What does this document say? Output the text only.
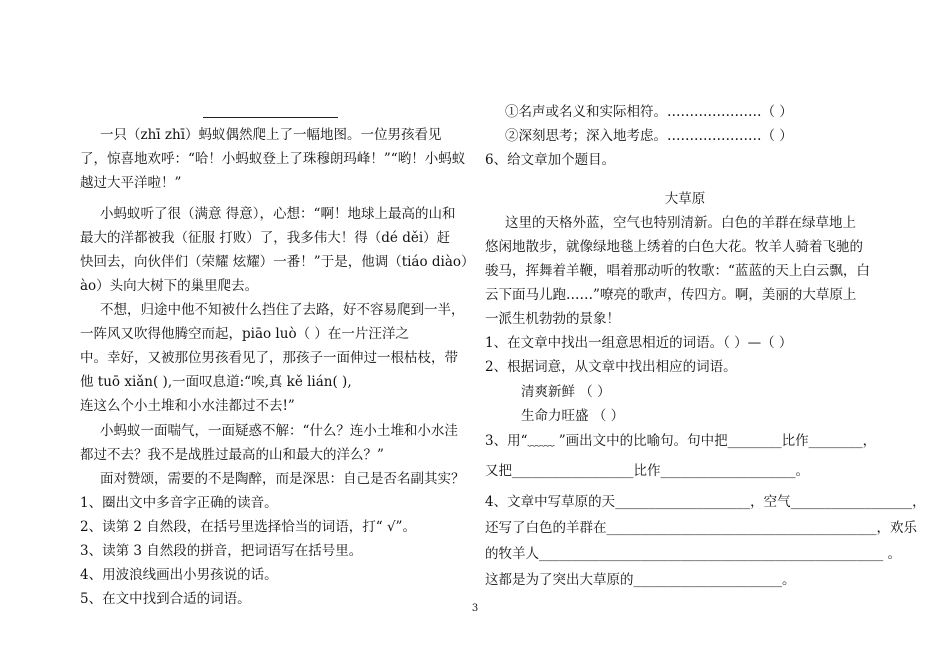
一只（zhī zhī）蚂蚁偶然爬上了一幅地图。一位男孩看见
了，惊喜地欢呼：“哈！小蚂蚁登上了珠穆朗玛峰！”“哟！小蚂蚁
越过大平洋啦！”
小蚂蚁听了很（满意 得意），心想：“啊！地球上最高的山和
最大的洋都被我（征服 打败）了，我多伟大！得（dé děi）赶
快回去，向伙伴们（荣耀 炫耀）一番！”于是，他调（tiáo diào）
ào）头向大树下的巢里爬去。
不想，归途中他不知被什么挡住了去路，好不容易爬到一半，
一阵风又吹得他腾空而起，piāo luò（ ）在一片汪洋之
中。幸好，又被那位男孩看见了，那孩子一面伸过一根枯枝，带
他 tuō xiǎn( ),一面叹息道:“唉,真 kě lián( ),
连这么个小土堆和小水洼都过不去!”
小蚂蚁一面喘气，一面疑惑不解：“什么？连小土堆和小水洼
都过不去？我不是战胜过最高的山和最大的洋么？”
面对赞颂，需要的不是陶醉，而是深思：自己是否名副其实？
1、圈出文中多音字正确的读音。
2、读第 2 自然段，在括号里选择恰当的词语，打“ √”。
3、读第 3 自然段的拼音，把词语写在括号里。
4、用波浪线画出小男孩说的话。
5、在文中找到合适的词语。
①名声或名义和实际相符。…………………（ ）
②深刻思考；深入地考虑。…………………（ ）
6、给文章加个题目。
大草原
这里的天格外蓝，空气也特别清新。白色的羊群在绿草地上
悠闲地散步，就像绿地毯上绣着的白色大花。牧羊人骑着飞驰的
骏马，挥舞着羊鞭，唱着那动听的牧歌：“蓝蓝的天上白云飘，白
云下面马儿跑……”嘹亮的歌声，传四方。啊，美丽的大草原上
一派生机勃勃的景象！
1、在文章中找出一组意思相近的词语。（ ）—（ ）
2、根据词意，从文章中找出相应的词语。
清爽新鲜 （ ）
生命力旺盛 （ ）
3、用“﹏﹏ ”画出文中的比喻句。句中把________比作________，
又把__________________比作____________________。
4、文章中写草原的天____________________，空气__________________，
还写了白色的羊群在________________________________________，欢乐
的牧羊人___________________________________________________ 。
这都是为了突出大草原的______________________。
3
